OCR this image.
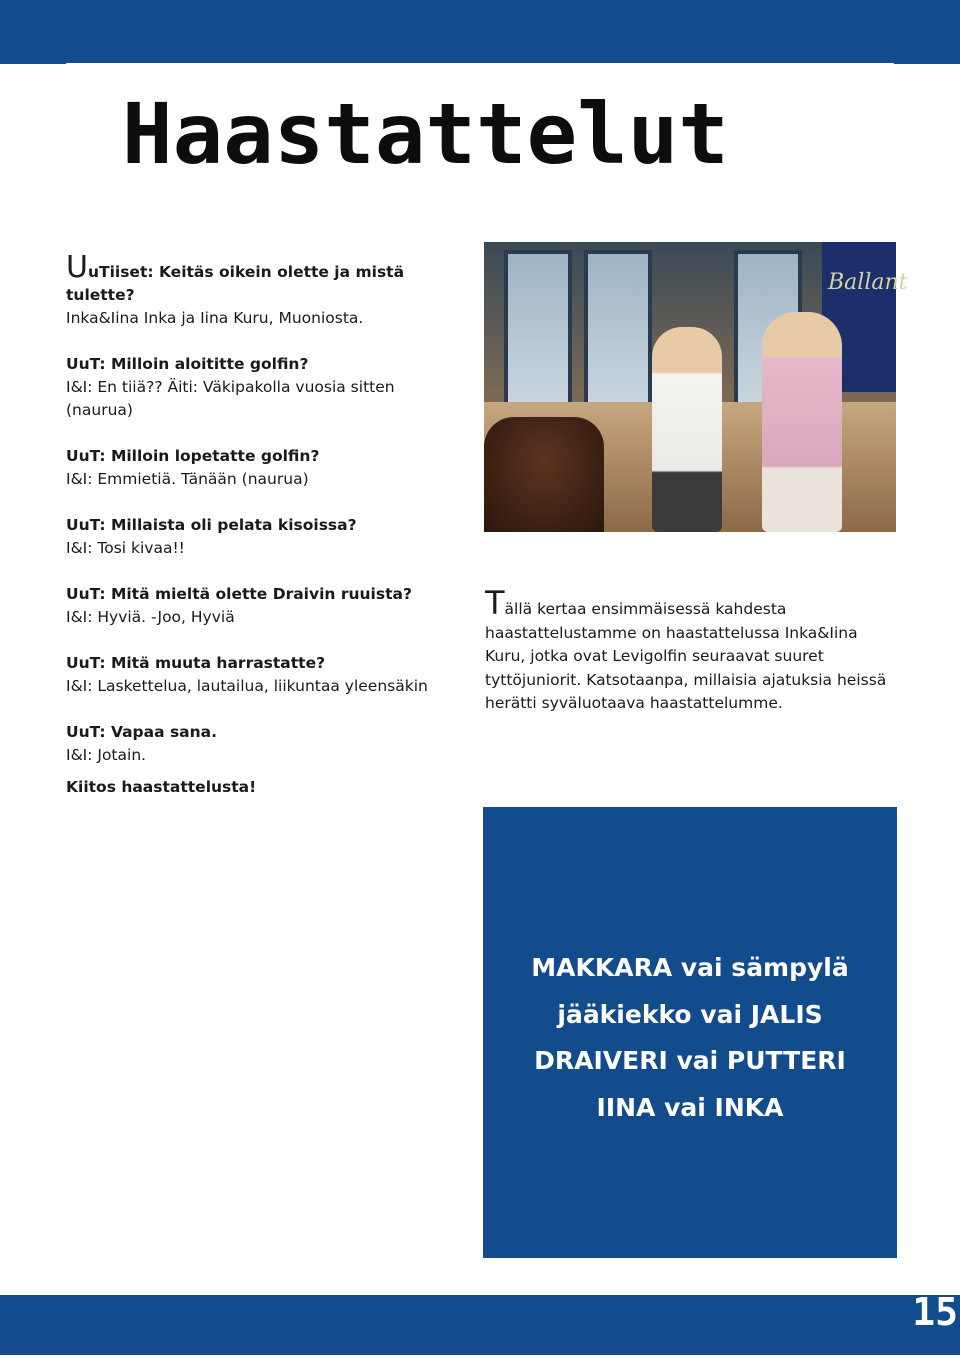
Haastattelut

UuTiiset: Keitäs oikein olette ja mistä tulette?
Inka&Iina Inka ja Iina Kuru, Muoniosta.

UuT: Milloin aloititte golfin?
I&I: En tiiä?? Äiti: Väkipakolla vuosia sitten (naurua)

UuT: Milloin lopetatte golfin?
I&I: Emmietiä. Tänään (naurua)

UuT: Millaista oli pelata kisoissa?
I&I: Tosi kivaa!!

UuT: Mitä mieltä olette Draivin ruuista?
I&I: Hyviä. -Joo, Hyviä

UuT: Mitä muuta harrastatte?
I&I: Laskettelua, lautailua, liikuntaa yleensäkin

UuT: Vapaa sana.
I&I: Jotain.

Kiitos haastattelusta!

Ballant

Tällä kertaa ensimmäisessä kahdesta haastattelustamme on haastattelussa Inka&Iina Kuru, jotka ovat Levigolfin seuraavat suuret tyttöjuniorit. Katsotaanpa, millaisia ajatuksia heissä herätti syväluotaava haastattelumme.

MAKKARA vai sämpylä
jääkiekko vai JALIS
DRAIVERI vai PUTTERI
IINA vai INKA

15
